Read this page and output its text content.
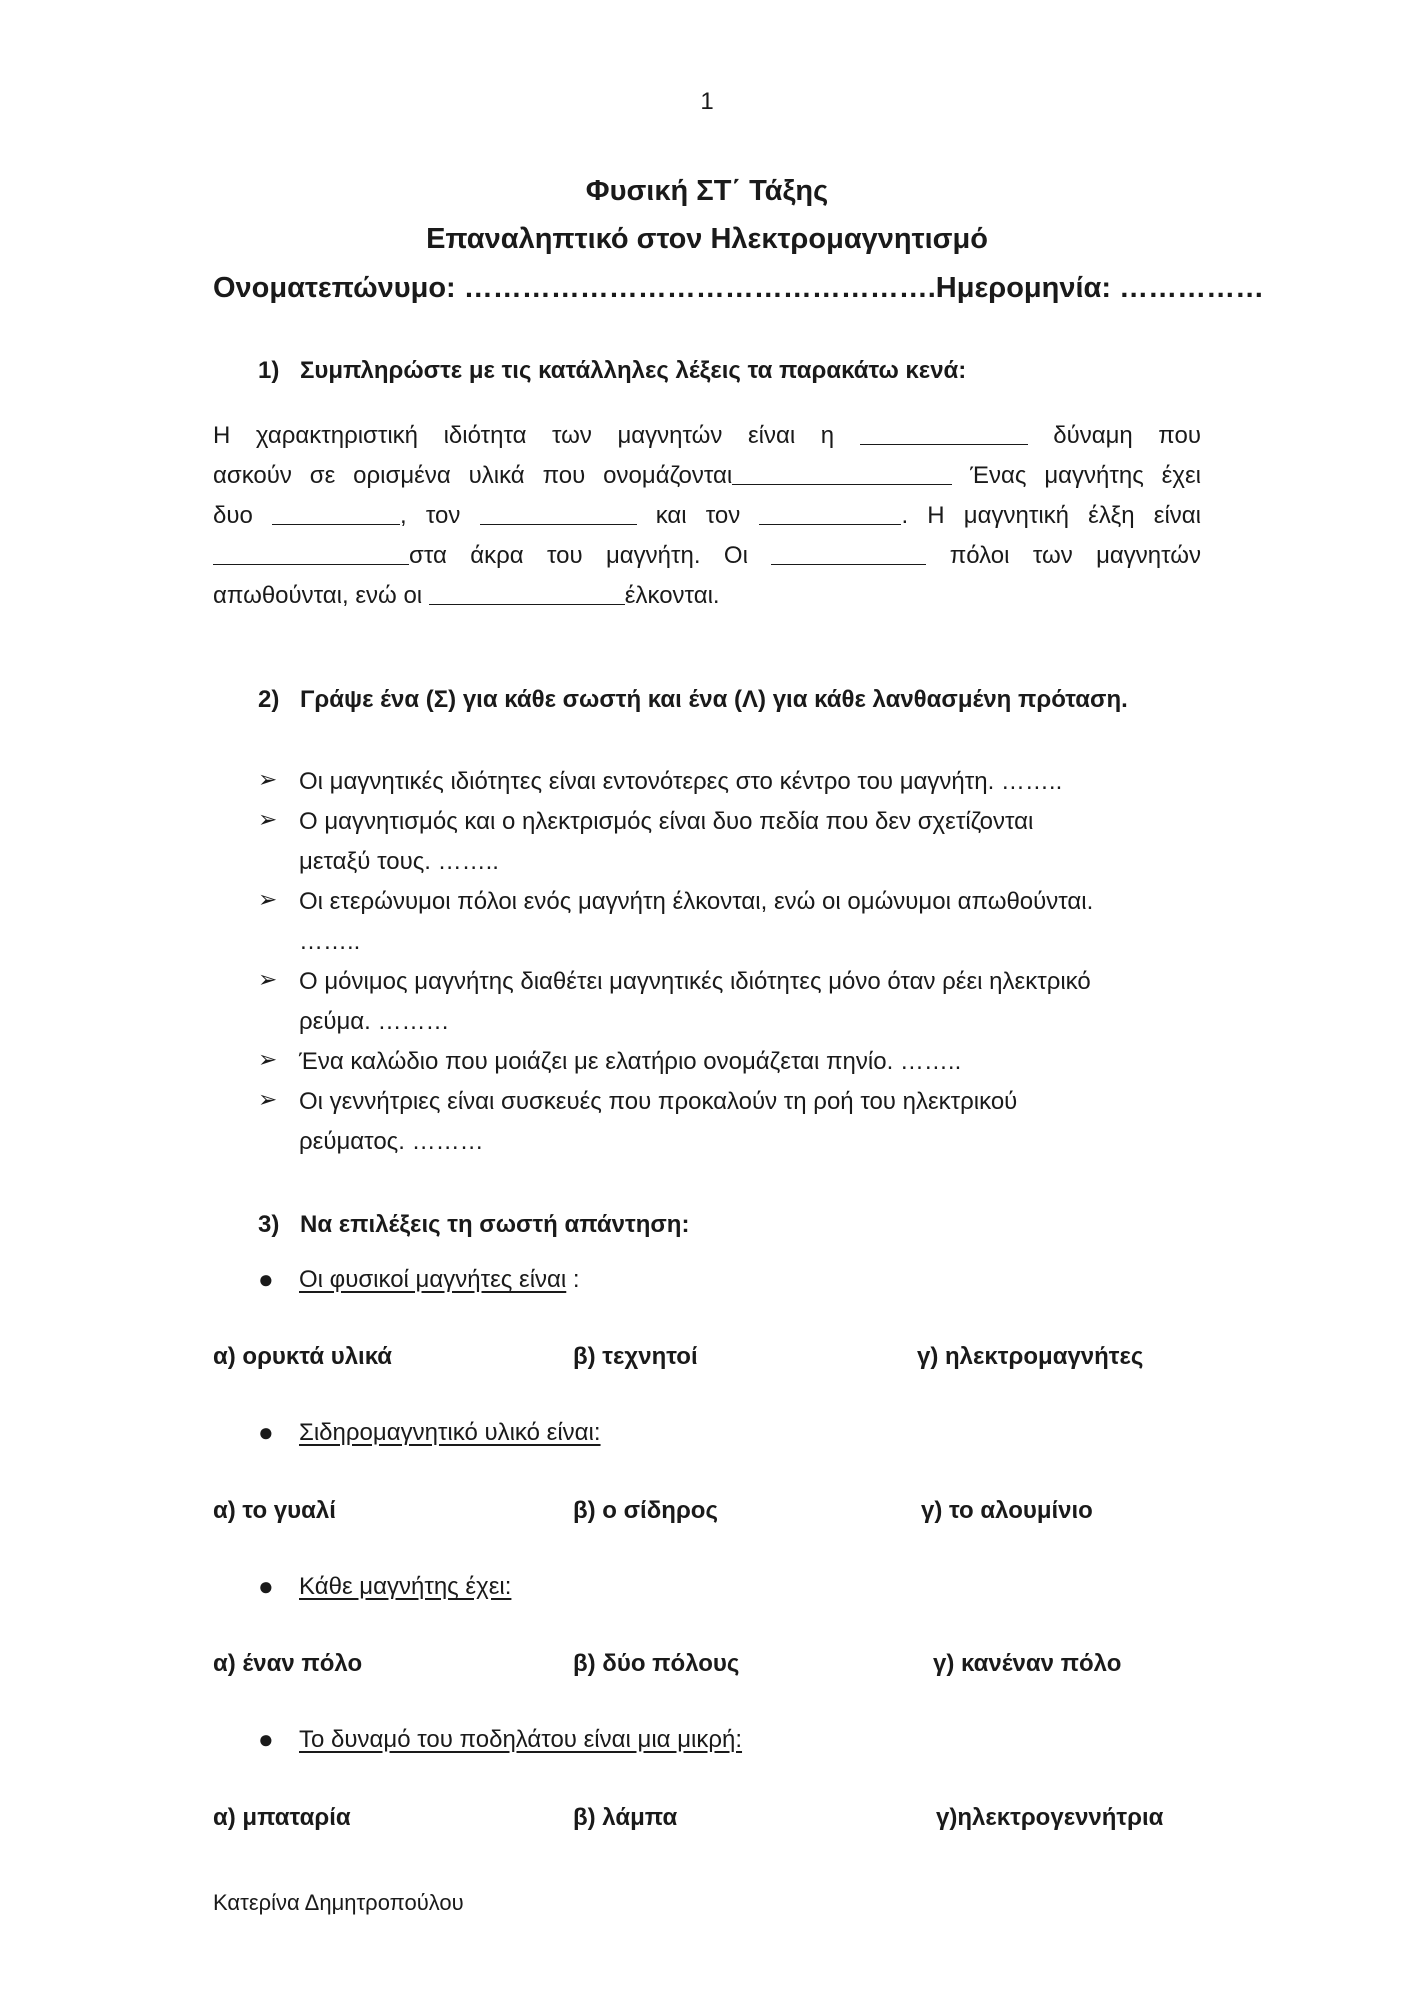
1
Φυσική ΣΤ΄ Τάξης
Επαναληπτικό στον Ηλεκτρομαγνητισμό
Ονοματεπώνυμο: ………………………………………….Ημερομηνία: ……………
1) Συμπληρώστε με τις κατάλληλες λέξεις τα παρακάτω κενά:
Η χαρακτηριστική ιδιότητα των μαγνητών είναι η	δύναμη που
ασκούν σε ορισμένα υλικά που ονομάζονται	Ένας μαγνήτης έχει
δυο	, τον	και τον	. Η μαγνητική έλξη είναι
στα άκρα του μαγνήτη. Οι	πόλοι των μαγνητών
απωθούνται, ενώ οι	έλκονται.
2) Γράψε ένα (Σ) για κάθε σωστή και ένα (Λ) για κάθε λανθασμένη πρόταση.
➢ Οι μαγνητικές ιδιότητες είναι εντονότερες στο κέντρο του μαγνήτη. ……..
➢ Ο μαγνητισμός και ο ηλεκτρισμός είναι δυο πεδία που δεν σχετίζονται
μεταξύ τους. ……..
➢ Οι ετερώνυμοι πόλοι ενός μαγνήτη έλκονται, ενώ οι ομώνυμοι απωθούνται.
……..
➢ Ο μόνιμος μαγνήτης διαθέτει μαγνητικές ιδιότητες μόνο όταν ρέει ηλεκτρικό
ρεύμα. ………
➢ Ένα καλώδιο που μοιάζει με ελατήριο ονομάζεται πηνίο. ……..
➢ Οι γεννήτριες είναι συσκευές που προκαλούν τη ροή του ηλεκτρικού
ρεύματος. ………
3) Να επιλέξεις τη σωστή απάντηση:
● Οι φυσικοί μαγνήτες είναι :
α) ορυκτά υλικά	β) τεχνητοί	γ) ηλεκτρομαγνήτες
● Σιδηρομαγνητικό υλικό είναι:
α) το γυαλί	β) ο σίδηρος	γ) το αλουμίνιο
● Κάθε μαγνήτης έχει:
α) έναν πόλο	β) δύο πόλους	γ) κανέναν πόλο
● Το δυναμό του ποδηλάτου είναι μια μικρή:
α) μπαταρία	β) λάμπα	γ)ηλεκτρογεννήτρια
Κατερίνα Δημητροπούλου
